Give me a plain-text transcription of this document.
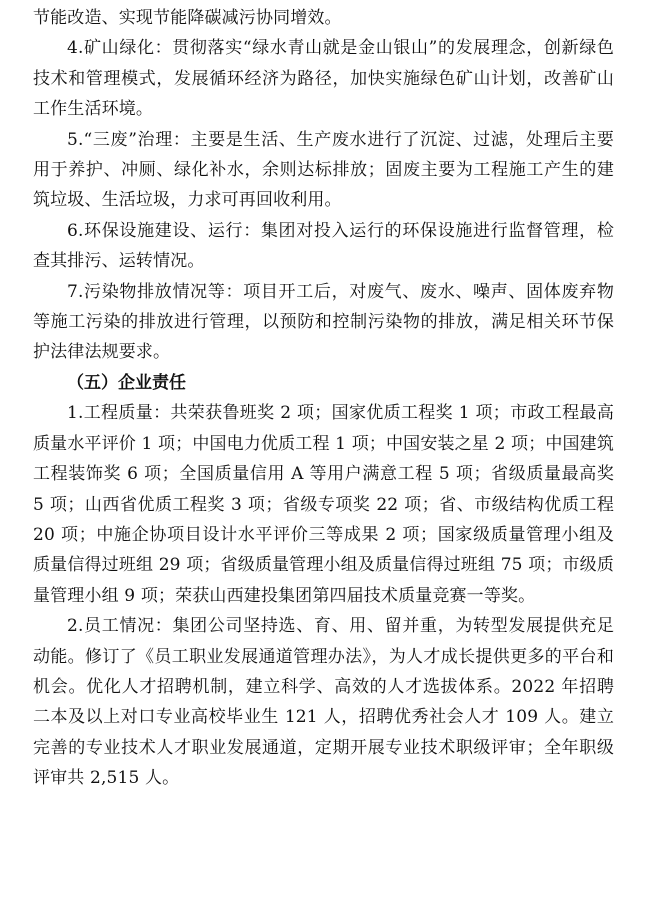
节能改造、实现节能降碳减污协同增效。

4.矿山绿化：贯彻落实“绿水青山就是金山银山”的发展理念，创新绿色技术和管理模式，发展循环经济为路径，加快实施绿色矿山计划，改善矿山工作生活环境。

5.“三废”治理：主要是生活、生产废水进行了沉淀、过滤，处理后主要用于养护、冲厕、绿化补水，余则达标排放；固废主要为工程施工产生的建筑垃圾、生活垃圾，力求可再回收利用。

6.环保设施建设、运行：集团对投入运行的环保设施进行监督管理，检查其排污、运转情况。

7.污染物排放情况等：项目开工后，对废气、废水、噪声、固体废弃物等施工污染的排放进行管理，以预防和控制污染物的排放，满足相关环节保护法律法规要求。

（五）企业责任

1.工程质量：共荣获鲁班奖 2 项；国家优质工程奖 1 项；市政工程最高质量水平评价 1 项；中国电力优质工程 1 项；中国安装之星 2 项；中国建筑工程装饰奖 6 项；全国质量信用 A 等用户满意工程 5 项；省级质量最高奖 5 项；山西省优质工程奖 3 项；省级专项奖 22 项；省、市级结构优质工程 20 项；中施企协项目设计水平评价三等成果 2 项；国家级质量管理小组及质量信得过班组 29 项；省级质量管理小组及质量信得过班组 75 项；市级质量管理小组 9 项；荣获山西建投集团第四届技术质量竞赛一等奖。

2.员工情况：集团公司坚持选、育、用、留并重，为转型发展提供充足动能。修订了《员工职业发展通道管理办法》，为人才成长提供更多的平台和机会。优化人才招聘机制，建立科学、高效的人才选拔体系。2022 年招聘二本及以上对口专业高校毕业生 121 人，招聘优秀社会人才 109 人。建立完善的专业技术人才职业发展通道，定期开展专业技术职级评审；全年职级评审共 2,515 人。
